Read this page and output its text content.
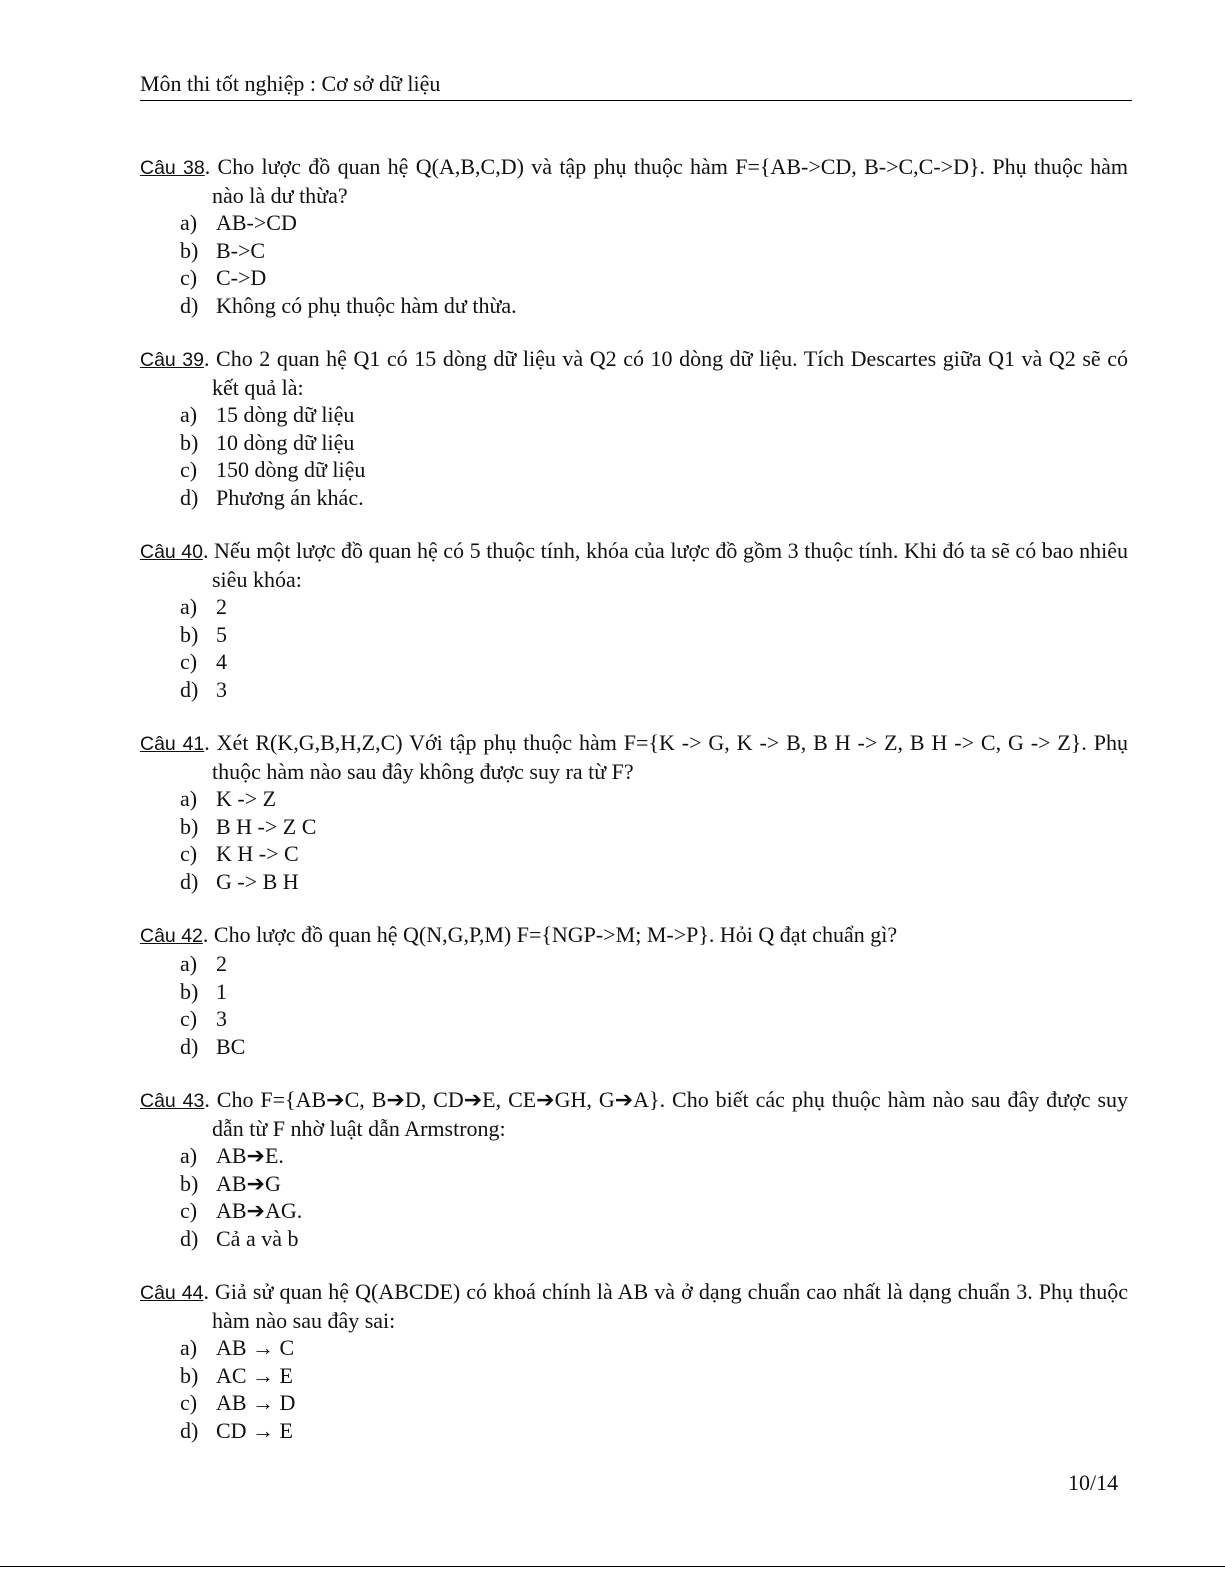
Môn thi tốt nghiệp : Cơ sở dữ liệu
Câu 38. Cho lược đồ quan hệ Q(A,B,C,D) và tập phụ thuộc hàm F={AB->CD, B->C,C->D}. Phụ thuộc hàm nào là dư thừa?
a) AB->CD
b) B->C
c) C->D
d) Không có phụ thuộc hàm dư thừa.
Câu 39. Cho 2 quan hệ Q1 có 15 dòng dữ liệu và Q2 có 10 dòng dữ liệu. Tích Descartes giữa Q1 và Q2 sẽ có kết quả là:
a) 15 dòng dữ liệu
b) 10 dòng dữ liệu
c) 150 dòng dữ liệu
d) Phương án khác.
Câu 40. Nếu một lược đồ quan hệ có 5 thuộc tính, khóa của lược đồ gồm 3 thuộc tính. Khi đó ta sẽ có bao nhiêu siêu khóa:
a) 2
b) 5
c) 4
d) 3
Câu 41. Xét R(K,G,B,H,Z,C) Với tập phụ thuộc hàm F={K -> G, K -> B, B H -> Z, B H -> C, G -> Z}. Phụ thuộc hàm nào sau đây không được suy ra từ F?
a) K -> Z
b) B H -> Z C
c) K H -> C
d) G -> B H
Câu 42. Cho lược đồ quan hệ Q(N,G,P,M) F={NGP->M; M->P}. Hỏi Q đạt chuẩn gì?
a) 2
b) 1
c) 3
d) BC
Câu 43. Cho F={AB➔C, B➔D, CD➔E, CE➔GH, G➔A}. Cho biết các phụ thuộc hàm nào sau đây được suy dẫn từ F nhờ luật dẫn Armstrong:
a) AB➔E.
b) AB➔G
c) AB➔AG.
d) Cả a và b
Câu 44. Giả sử quan hệ Q(ABCDE) có khoá chính là AB và ở dạng chuẩn cao nhất là dạng chuẩn 3. Phụ thuộc hàm nào sau đây sai:
a) AB → C
b) AC → E
c) AB → D
d) CD → E
10/14
